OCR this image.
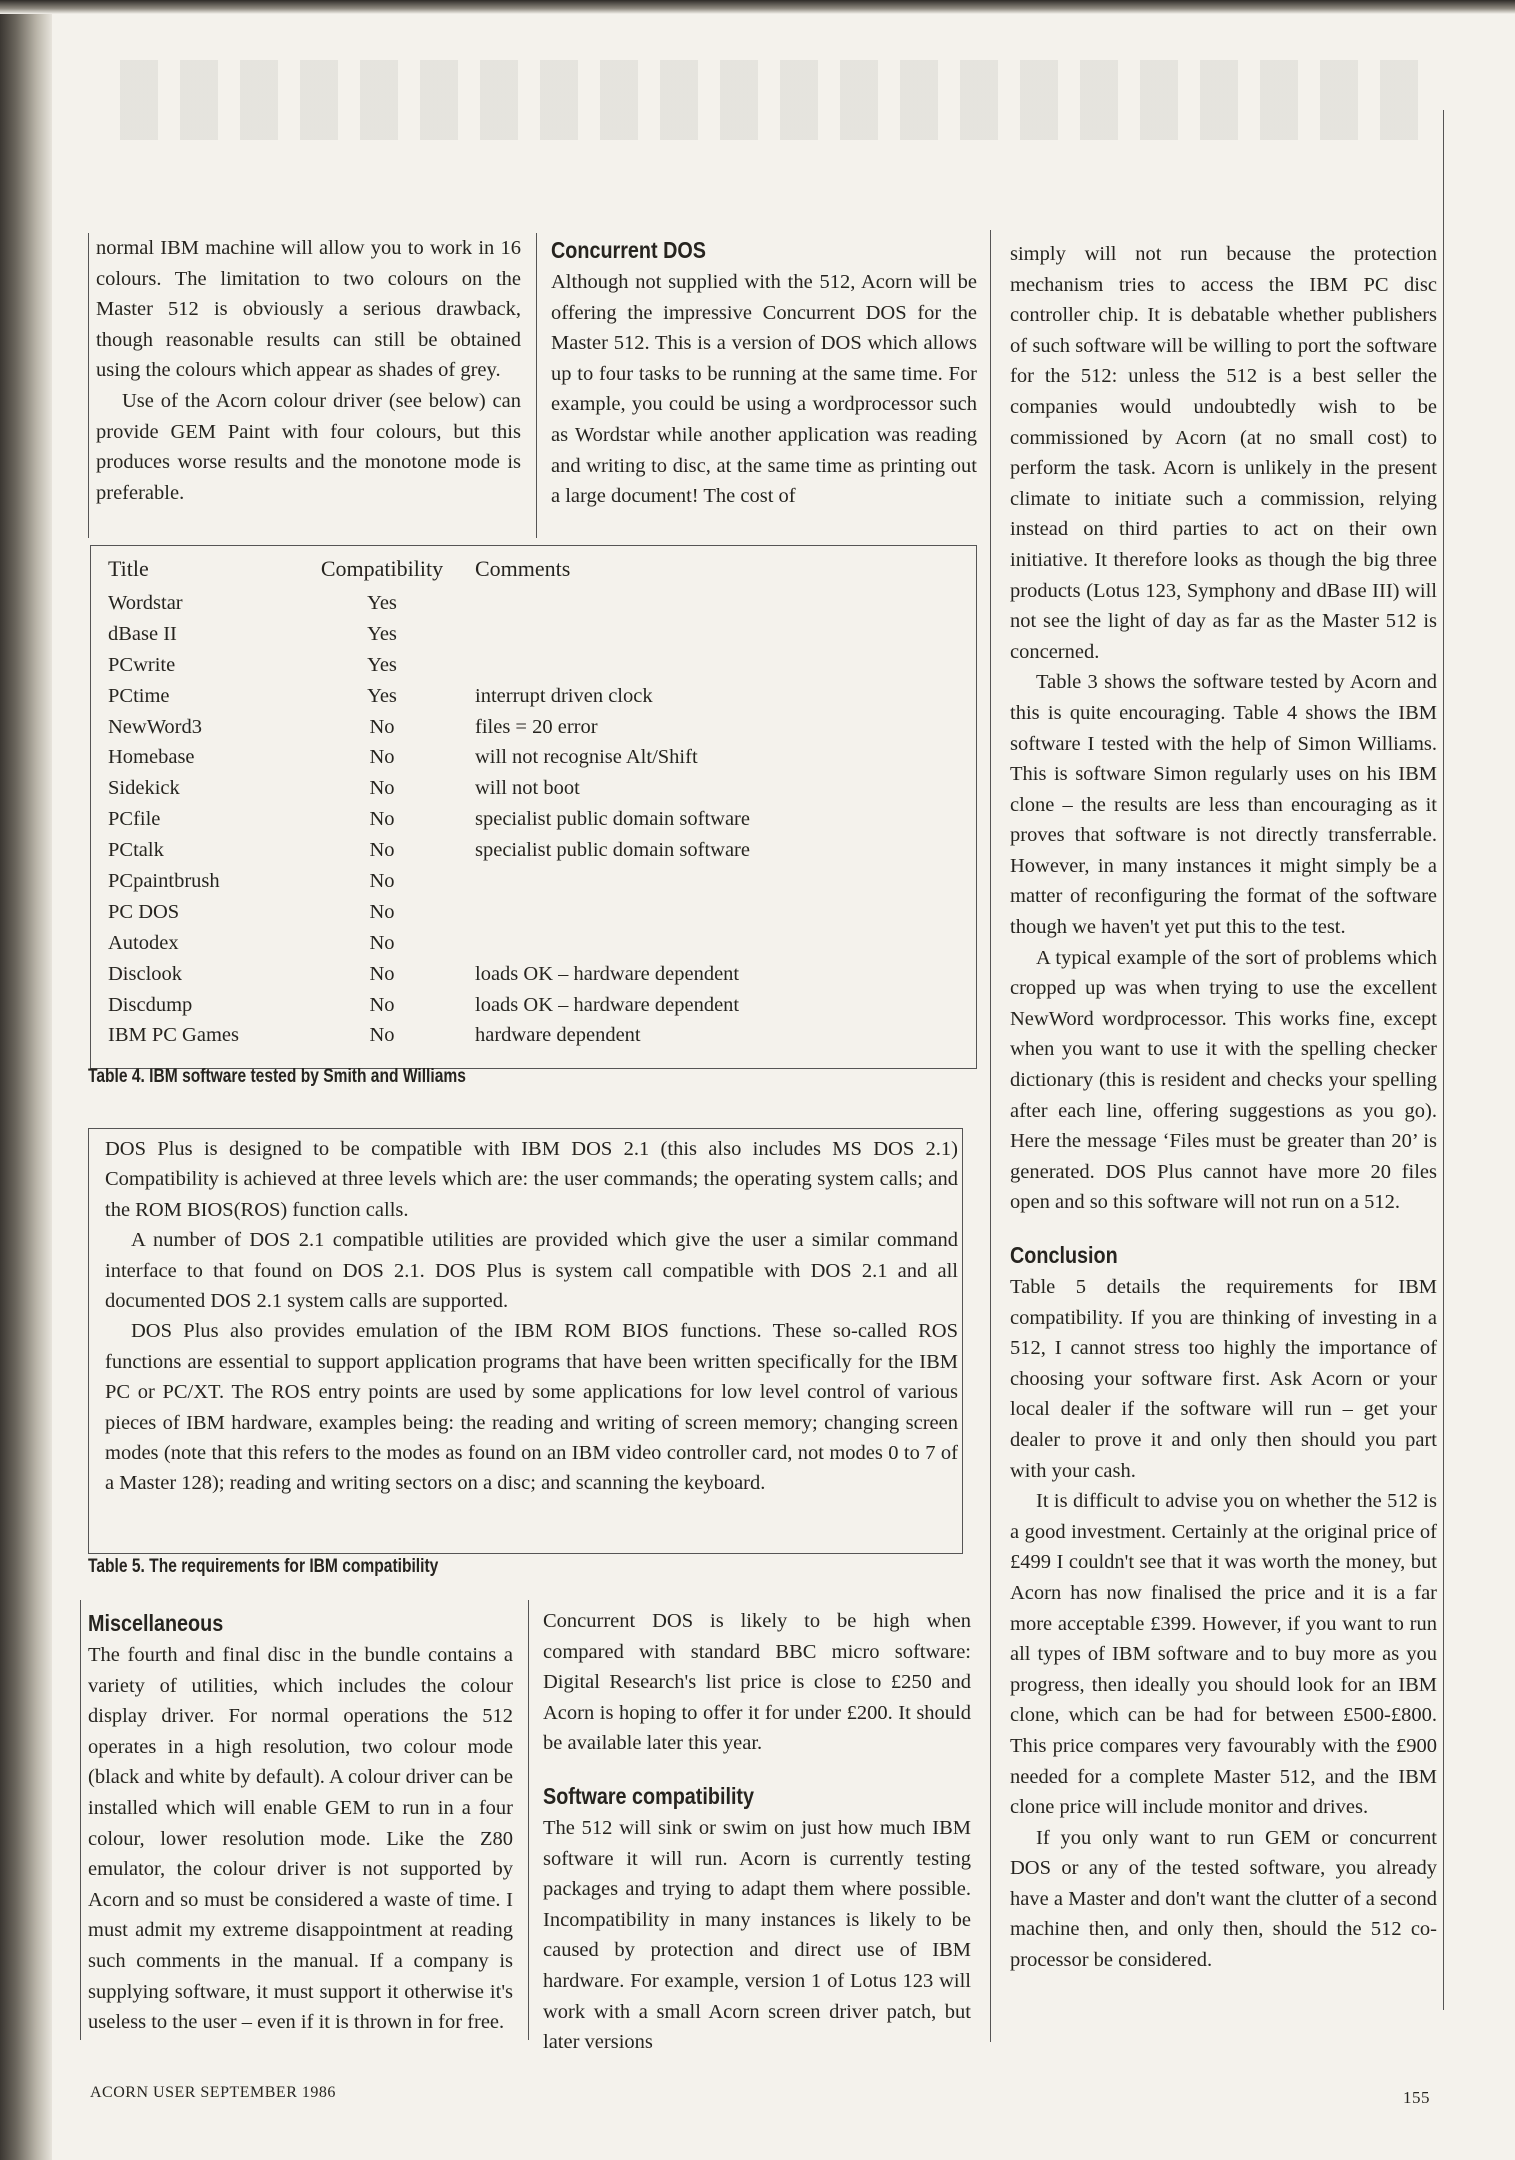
normal IBM machine will allow you to work in 16 colours. The limitation to two colours on the Master 512 is obviously a serious drawback, though reasonable results can still be obtained using the colours which appear as shades of grey.

Use of the Acorn colour driver (see below) can provide GEM Paint with four colours, but this produces worse results and the monotone mode is preferable.

Concurrent DOS

Although not supplied with the 512, Acorn will be offering the impressive Concurrent DOS for the Master 512. This is a version of DOS which allows up to four tasks to be running at the same time. For example, you could be using a wordprocessor such as Wordstar while another application was reading and writing to disc, at the same time as printing out a large document! The cost of

simply will not run because the protection mechanism tries to access the IBM PC disc controller chip. It is debatable whether publishers of such software will be willing to port the software for the 512: unless the 512 is a best seller the companies would undoubtedly wish to be commissioned by Acorn (at no small cost) to perform the task. Acorn is unlikely in the present climate to initiate such a commission, relying instead on third parties to act on their own initiative. It therefore looks as though the big three products (Lotus 123, Symphony and dBase III) will not see the light of day as far as the Master 512 is concerned.

Table 3 shows the software tested by Acorn and this is quite encouraging. Table 4 shows the IBM software I tested with the help of Simon Williams. This is software Simon regularly uses on his IBM clone – the results are less than encouraging as it proves that software is not directly transferrable. However, in many instances it might simply be a matter of reconfiguring the format of the software though we haven't yet put this to the test.

A typical example of the sort of problems which cropped up was when trying to use the excellent NewWord wordprocessor. This works fine, except when you want to use it with the spelling checker dictionary (this is resident and checks your spelling after each line, offering suggestions as you go). Here the message ‘Files must be greater than 20’ is generated. DOS Plus cannot have more 20 files open and so this software will not run on a 512.

Conclusion

Table 5 details the requirements for IBM compatibility. If you are thinking of investing in a 512, I cannot stress too highly the importance of choosing your software first. Ask Acorn or your local dealer if the software will run – get your dealer to prove it and only then should you part with your cash.

It is difficult to advise you on whether the 512 is a good investment. Certainly at the original price of £499 I couldn't see that it was worth the money, but Acorn has now finalised the price and it is a far more acceptable £399. However, if you want to run all types of IBM software and to buy more as you progress, then ideally you should look for an IBM clone, which can be had for between £500-£800. This price compares very favourably with the £900 needed for a complete Master 512, and the IBM clone price will include monitor and drives.

If you only want to run GEM or concurrent DOS or any of the tested software, you already have a Master and don't want the clutter of a second machine then, and only then, should the 512 co-processor be considered.

Title	Compatibility	Comments
Wordstar	Yes	
dBase II	Yes	
PCwrite	Yes	
PCtime	Yes	interrupt driven clock
NewWord3	No	files = 20 error
Homebase	No	will not recognise Alt/Shift
Sidekick	No	will not boot
PCfile	No	specialist public domain software
PCtalk	No	specialist public domain software
PCpaintbrush	No	
PC DOS	No	
Autodex	No	
Disclook	No	loads OK – hardware dependent
Discdump	No	loads OK – hardware dependent
IBM PC Games	No	hardware dependent
Table 4. IBM software tested by Smith and Williams

DOS Plus is designed to be compatible with IBM DOS 2.1 (this also includes MS DOS 2.1) Compatibility is achieved at three levels which are: the user commands; the operating system calls; and the ROM BIOS(ROS) function calls.

A number of DOS 2.1 compatible utilities are provided which give the user a similar command interface to that found on DOS 2.1. DOS Plus is system call compatible with DOS 2.1 and all documented DOS 2.1 system calls are supported.

DOS Plus also provides emulation of the IBM ROM BIOS functions. These so-called ROS functions are essential to support application programs that have been written specifically for the IBM PC or PC/XT. The ROS entry points are used by some applications for low level control of various pieces of IBM hardware, examples being: the reading and writing of screen memory; changing screen modes (note that this refers to the modes as found on an IBM video controller card, not modes 0 to 7 of a Master 128); reading and writing sectors on a disc; and scanning the keyboard.

Table 5. The requirements for IBM compatibility
Miscellaneous

The fourth and final disc in the bundle contains a variety of utilities, which includes the colour display driver. For normal operations the 512 operates in a high resolution, two colour mode (black and white by default). A colour driver can be installed which will enable GEM to run in a four colour, lower resolution mode. Like the Z80 emulator, the colour driver is not supported by Acorn and so must be considered a waste of time. I must admit my extreme disappointment at reading such comments in the manual. If a company is supplying software, it must support it otherwise it's useless to the user – even if it is thrown in for free.

Concurrent DOS is likely to be high when compared with standard BBC micro software: Digital Research's list price is close to £250 and Acorn is hoping to offer it for under £200. It should be available later this year.

Software compatibility

The 512 will sink or swim on just how much IBM software it will run. Acorn is currently testing packages and trying to adapt them where possible. Incompatibility in many instances is likely to be caused by protection and direct use of IBM hardware. For example, version 1 of Lotus 123 will work with a small Acorn screen driver patch, but later versions

ACORN USER SEPTEMBER 1986	155
